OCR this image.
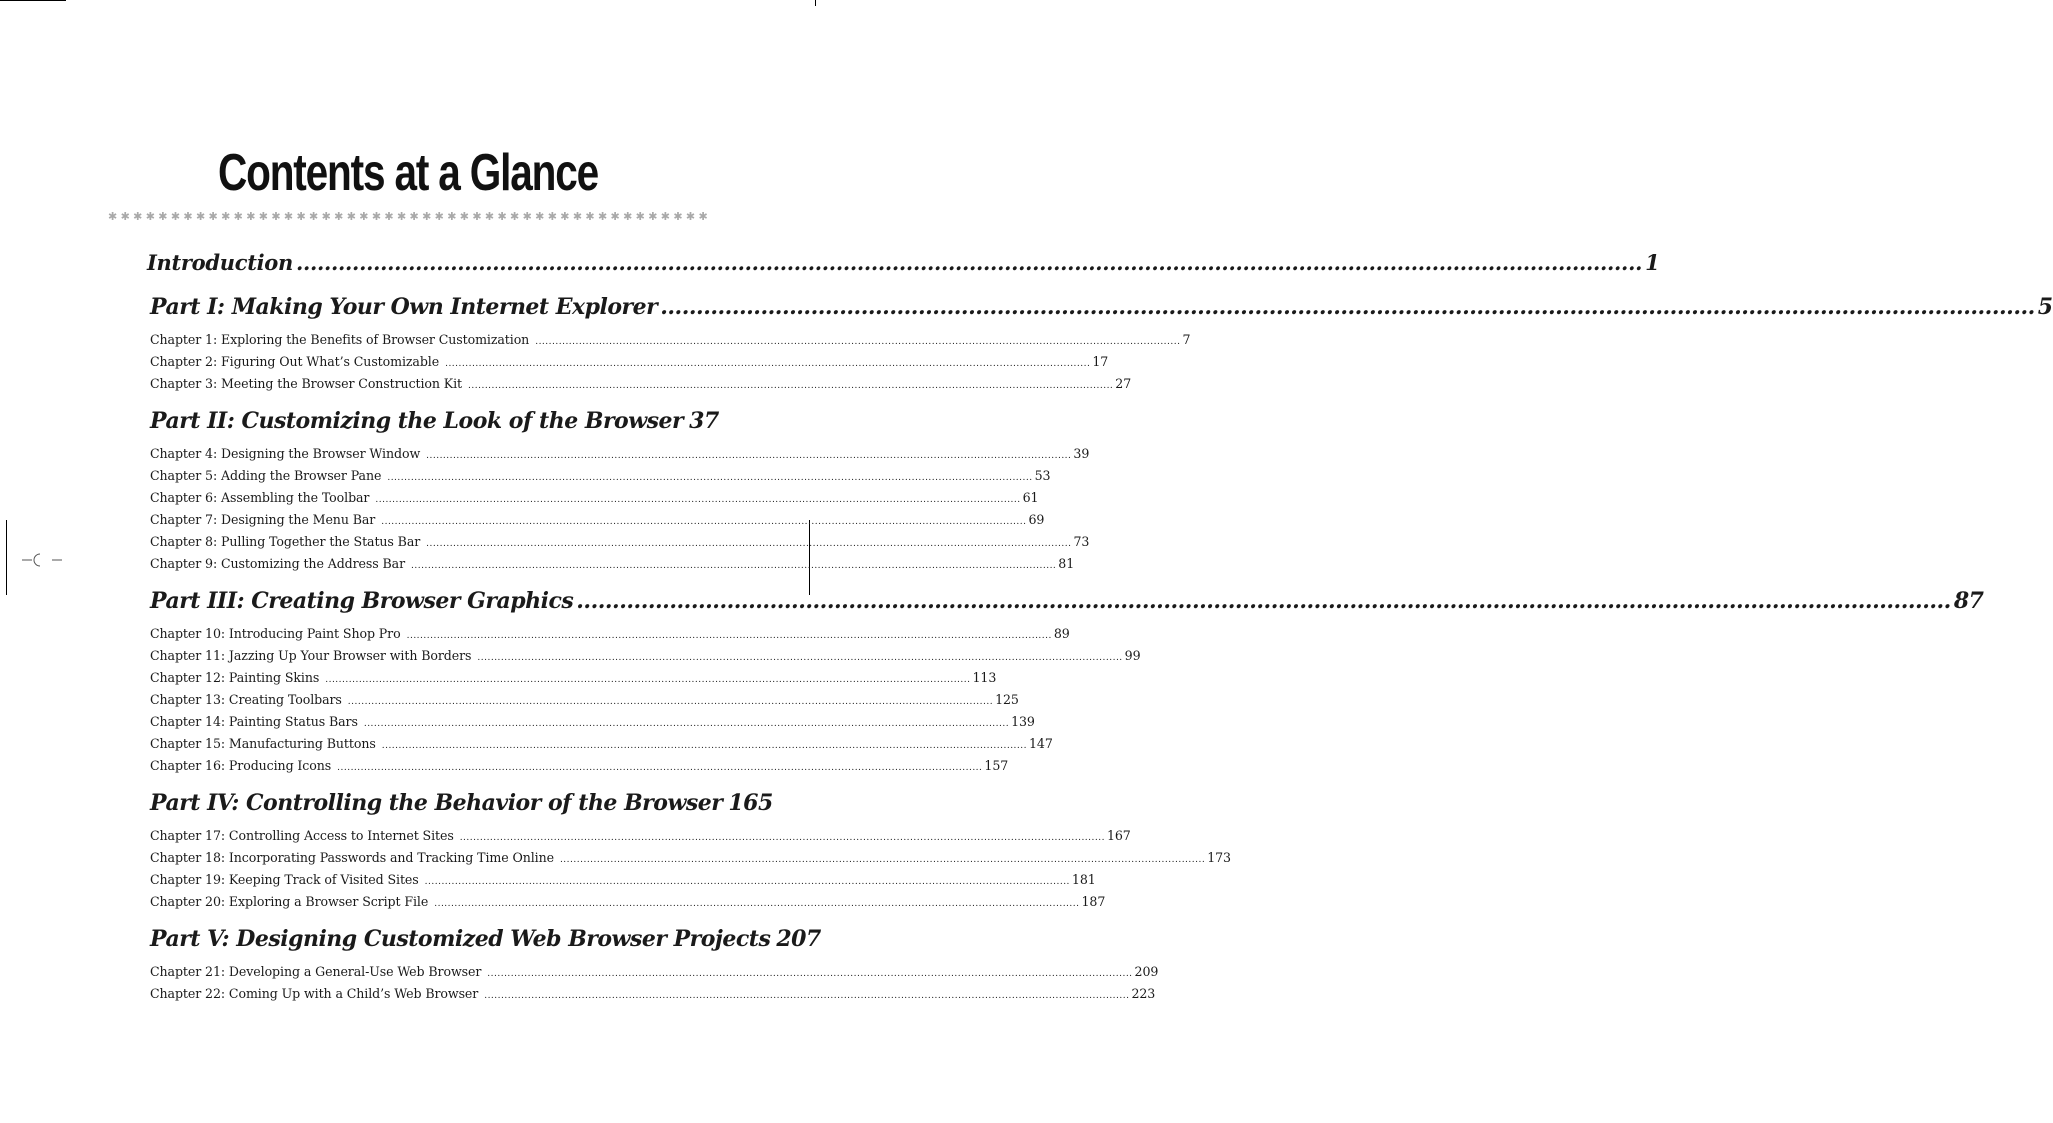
Contents at a Glance
✱ ✱ ✱ ✱ ✱ ✱ ✱ ✱ ✱ ✱ ✱ ✱ ✱ ✱ ✱ ✱ ✱ ✱ ✱ ✱ ✱ ✱ ✱ ✱ ✱ ✱ ✱ ✱ ✱ ✱ ✱ ✱ ✱ ✱ ✱ ✱ ✱ ✱ ✱ ✱ ✱ ✱ ✱ ✱ ✱ ✱ ✱ ✱
Introduction .....	1
Part I: Making Your Own Internet Explorer .....	5
Chapter 1: Exploring the Benefits of Browser Customization .....	7
Chapter 2: Figuring Out What’s Customizable .....	17
Chapter 3: Meeting the Browser Construction Kit .....	27
Part II: Customizing the Look of the Browser 37
Chapter 4: Designing the Browser Window .....	39
Chapter 5: Adding the Browser Pane .....	53
Chapter 6: Assembling the Toolbar .....	61
Chapter 7: Designing the Menu Bar .....	69
Chapter 8: Pulling Together the Status Bar .....	73
Chapter 9: Customizing the Address Bar .....	81
Part III: Creating Browser Graphics .....	87
Chapter 10: Introducing Paint Shop Pro .....	89
Chapter 11: Jazzing Up Your Browser with Borders .....	99
Chapter 12: Painting Skins .....	113
Chapter 13: Creating Toolbars .....	125
Chapter 14: Painting Status Bars .....	139
Chapter 15: Manufacturing Buttons .....	147
Chapter 16: Producing Icons .....	157
Part IV: Controlling the Behavior of the Browser 165
Chapter 17: Controlling Access to Internet Sites .....	167
Chapter 18: Incorporating Passwords and Tracking Time Online .....	173
Chapter 19: Keeping Track of Visited Sites .....	181
Chapter 20: Exploring a Browser Script File .....	187
Part V: Designing Customized Web Browser Projects 207
Chapter 21: Developing a General-Use Web Browser .....	209
Chapter 22: Coming Up with a Child’s Web Browser .....	223
